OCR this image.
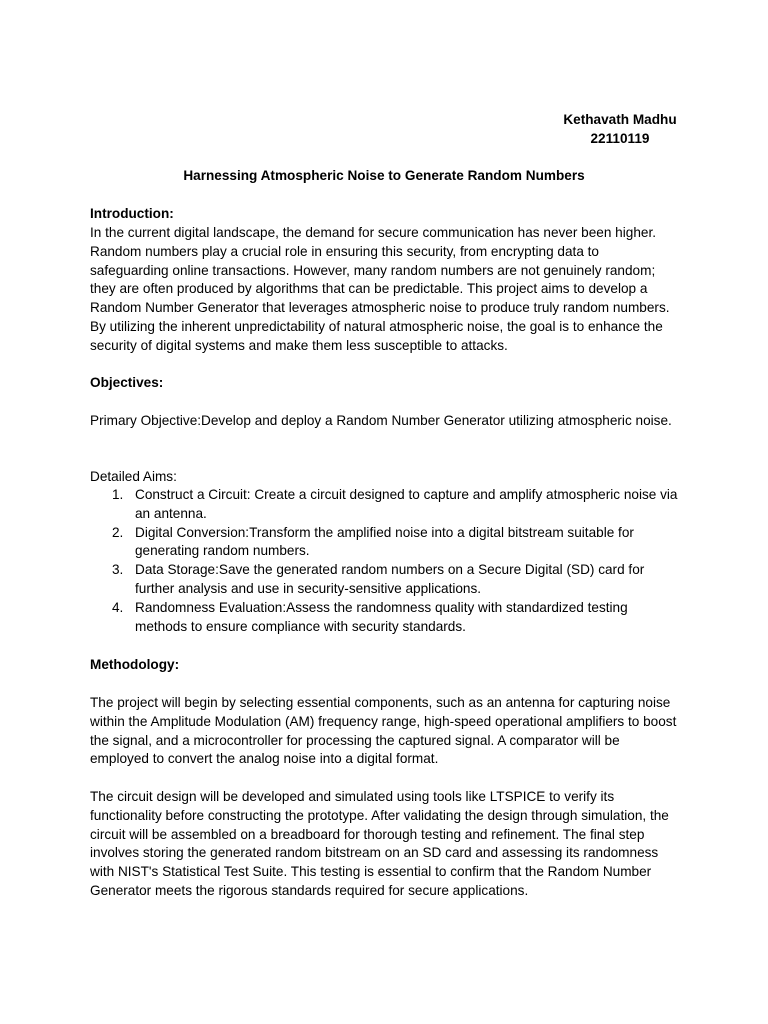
Kethavath Madhu
22110119
Harnessing Atmospheric Noise to Generate Random Numbers
Introduction:

In the current digital landscape, the demand for secure communication has never been higher. Random numbers play a crucial role in ensuring this security, from encrypting data to safeguarding online transactions. However, many random numbers are not genuinely random; they are often produced by algorithms that can be predictable. This project aims to develop a Random Number Generator that leverages atmospheric noise to produce truly random numbers. By utilizing the inherent unpredictability of natural atmospheric noise, the goal is to enhance the security of digital systems and make them less susceptible to attacks.

Objectives:

Primary Objective:Develop and deploy a Random Number Generator utilizing atmospheric noise.

Detailed Aims:
1. Construct a Circuit: Create a circuit designed to capture and amplify atmospheric noise via an antenna.
2. Digital Conversion:Transform the amplified noise into a digital bitstream suitable for generating random numbers.
3. Data Storage:Save the generated random numbers on a Secure Digital (SD) card for further analysis and use in security-sensitive applications.
4. Randomness Evaluation:Assess the randomness quality with standardized testing methods to ensure compliance with security standards.
Methodology:

The project will begin by selecting essential components, such as an antenna for capturing noise within the Amplitude Modulation (AM) frequency range, high-speed operational amplifiers to boost the signal, and a microcontroller for processing the captured signal. A comparator will be employed to convert the analog noise into a digital format.

The circuit design will be developed and simulated using tools like LTSPICE to verify its functionality before constructing the prototype. After validating the design through simulation, the circuit will be assembled on a breadboard for thorough testing and refinement. The final step involves storing the generated random bitstream on an SD card and assessing its randomness with NIST's Statistical Test Suite. This testing is essential to confirm that the Random Number Generator meets the rigorous standards required for secure applications.
